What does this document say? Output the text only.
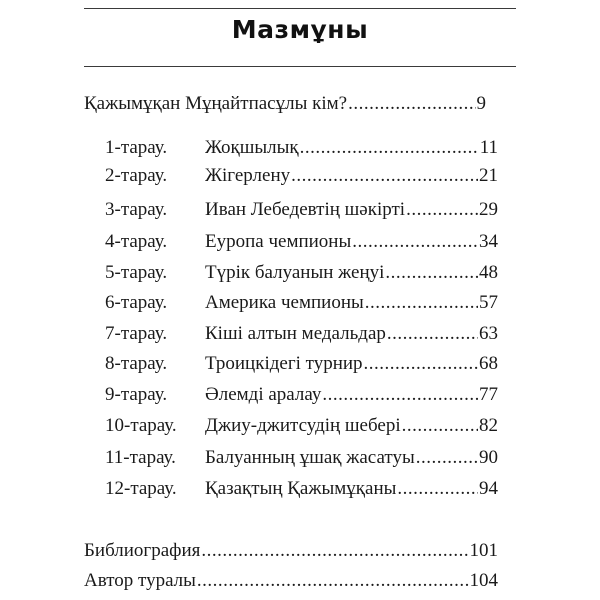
Мазмұны
Қажымұқан Мұңайтпасұлы кім? .....	9
1-тарау.	Жоқшылық .....	11
2-тарау.	Жігерлену .....	21
3-тарау.	Иван Лебедевтің шәкірті .....	29
4-тарау.	Еуропа чемпионы .....	34
5-тарау.	Түрік балуанын жеңуі .....	48
6-тарау.	Америка чемпионы .....	57
7-тарау.	Кіші алтын медальдар .....	63
8-тарау.	Троицкідегі турнир .....	68
9-тарау.	Әлемді аралау .....	77
10-тарау.	Джиу-джитсудің шебері .....	82
11-тарау.	Балуанның ұшақ жасатуы .....	90
12-тарау.	Қазақтың Қажымұқаны .....	94
Библиография .....	101
Автор туралы .....	104
